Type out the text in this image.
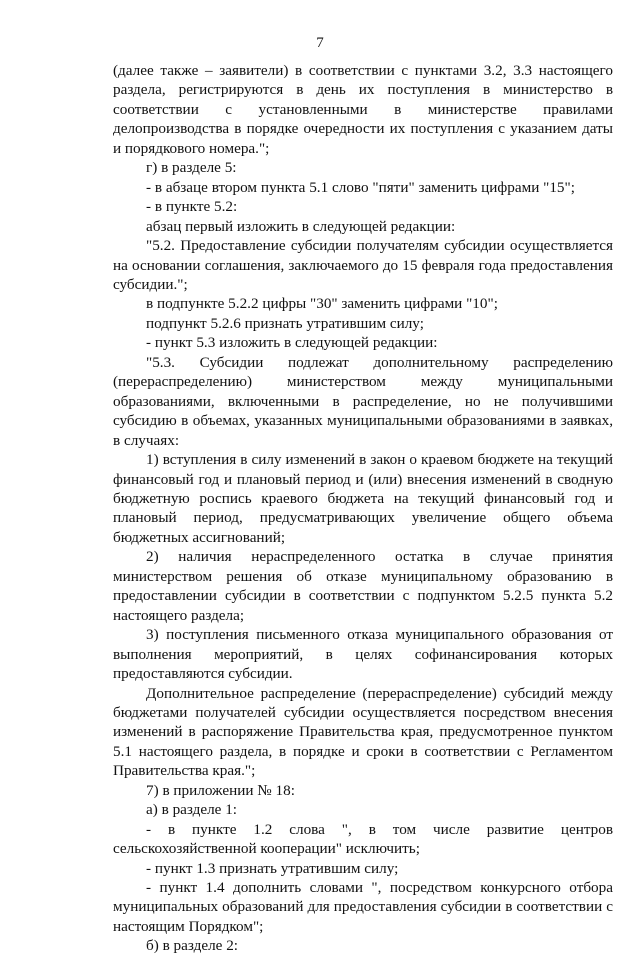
7

(далее также – заявители) в соответствии с пунктами 3.2, 3.3 настоящего раздела, регистрируются в день их поступления в министерство в соответствии с установленными в министерстве правилами делопроизводства в порядке очередности их поступления с указанием даты и порядкового номера.";

г) в разделе 5:

- в абзаце втором пункта 5.1 слово "пяти" заменить цифрами "15";

- в пункте 5.2:

абзац первый изложить в следующей редакции:

"5.2. Предоставление субсидии получателям субсидии осуществляется на основании соглашения, заключаемого до 15 февраля года предоставления субсидии.";

в подпункте 5.2.2 цифры "30" заменить цифрами "10";

подпункт 5.2.6 признать утратившим силу;

- пункт 5.3 изложить в следующей редакции:

"5.3. Субсидии подлежат дополнительному распределению (перераспределению) министерством между муниципальными образованиями, включенными в распределение, но не получившими субсидию в объемах, указанных муниципальными образованиями в заявках, в случаях:

1) вступления в силу изменений в закон о краевом бюджете на текущий финансовый год и плановый период и (или) внесения изменений в сводную бюджетную роспись краевого бюджета на текущий финансовый год и плановый период, предусматривающих увеличение общего объема бюджетных ассигнований;

2) наличия нераспределенного остатка в случае принятия министерством решения об отказе муниципальному образованию в предоставлении субсидии в соответствии с подпунктом 5.2.5 пункта 5.2 настоящего раздела;

3) поступления письменного отказа муниципального образования от выполнения мероприятий, в целях софинансирования которых предоставляются субсидии.

Дополнительное распределение (перераспределение) субсидий между бюджетами получателей субсидии осуществляется посредством внесения изменений в распоряжение Правительства края, предусмотренное пунктом 5.1 настоящего раздела, в порядке и сроки в соответствии с Регламентом Правительства края.";

7) в приложении № 18:

а) в разделе 1:

- в пункте 1.2 слова ", в том числе развитие центров сельскохозяйственной кооперации" исключить;

- пункт 1.3 признать утратившим силу;

- пункт 1.4 дополнить словами ", посредством конкурсного отбора муниципальных образований для предоставления субсидии в соответствии с настоящим Порядком";

б) в разделе 2:
